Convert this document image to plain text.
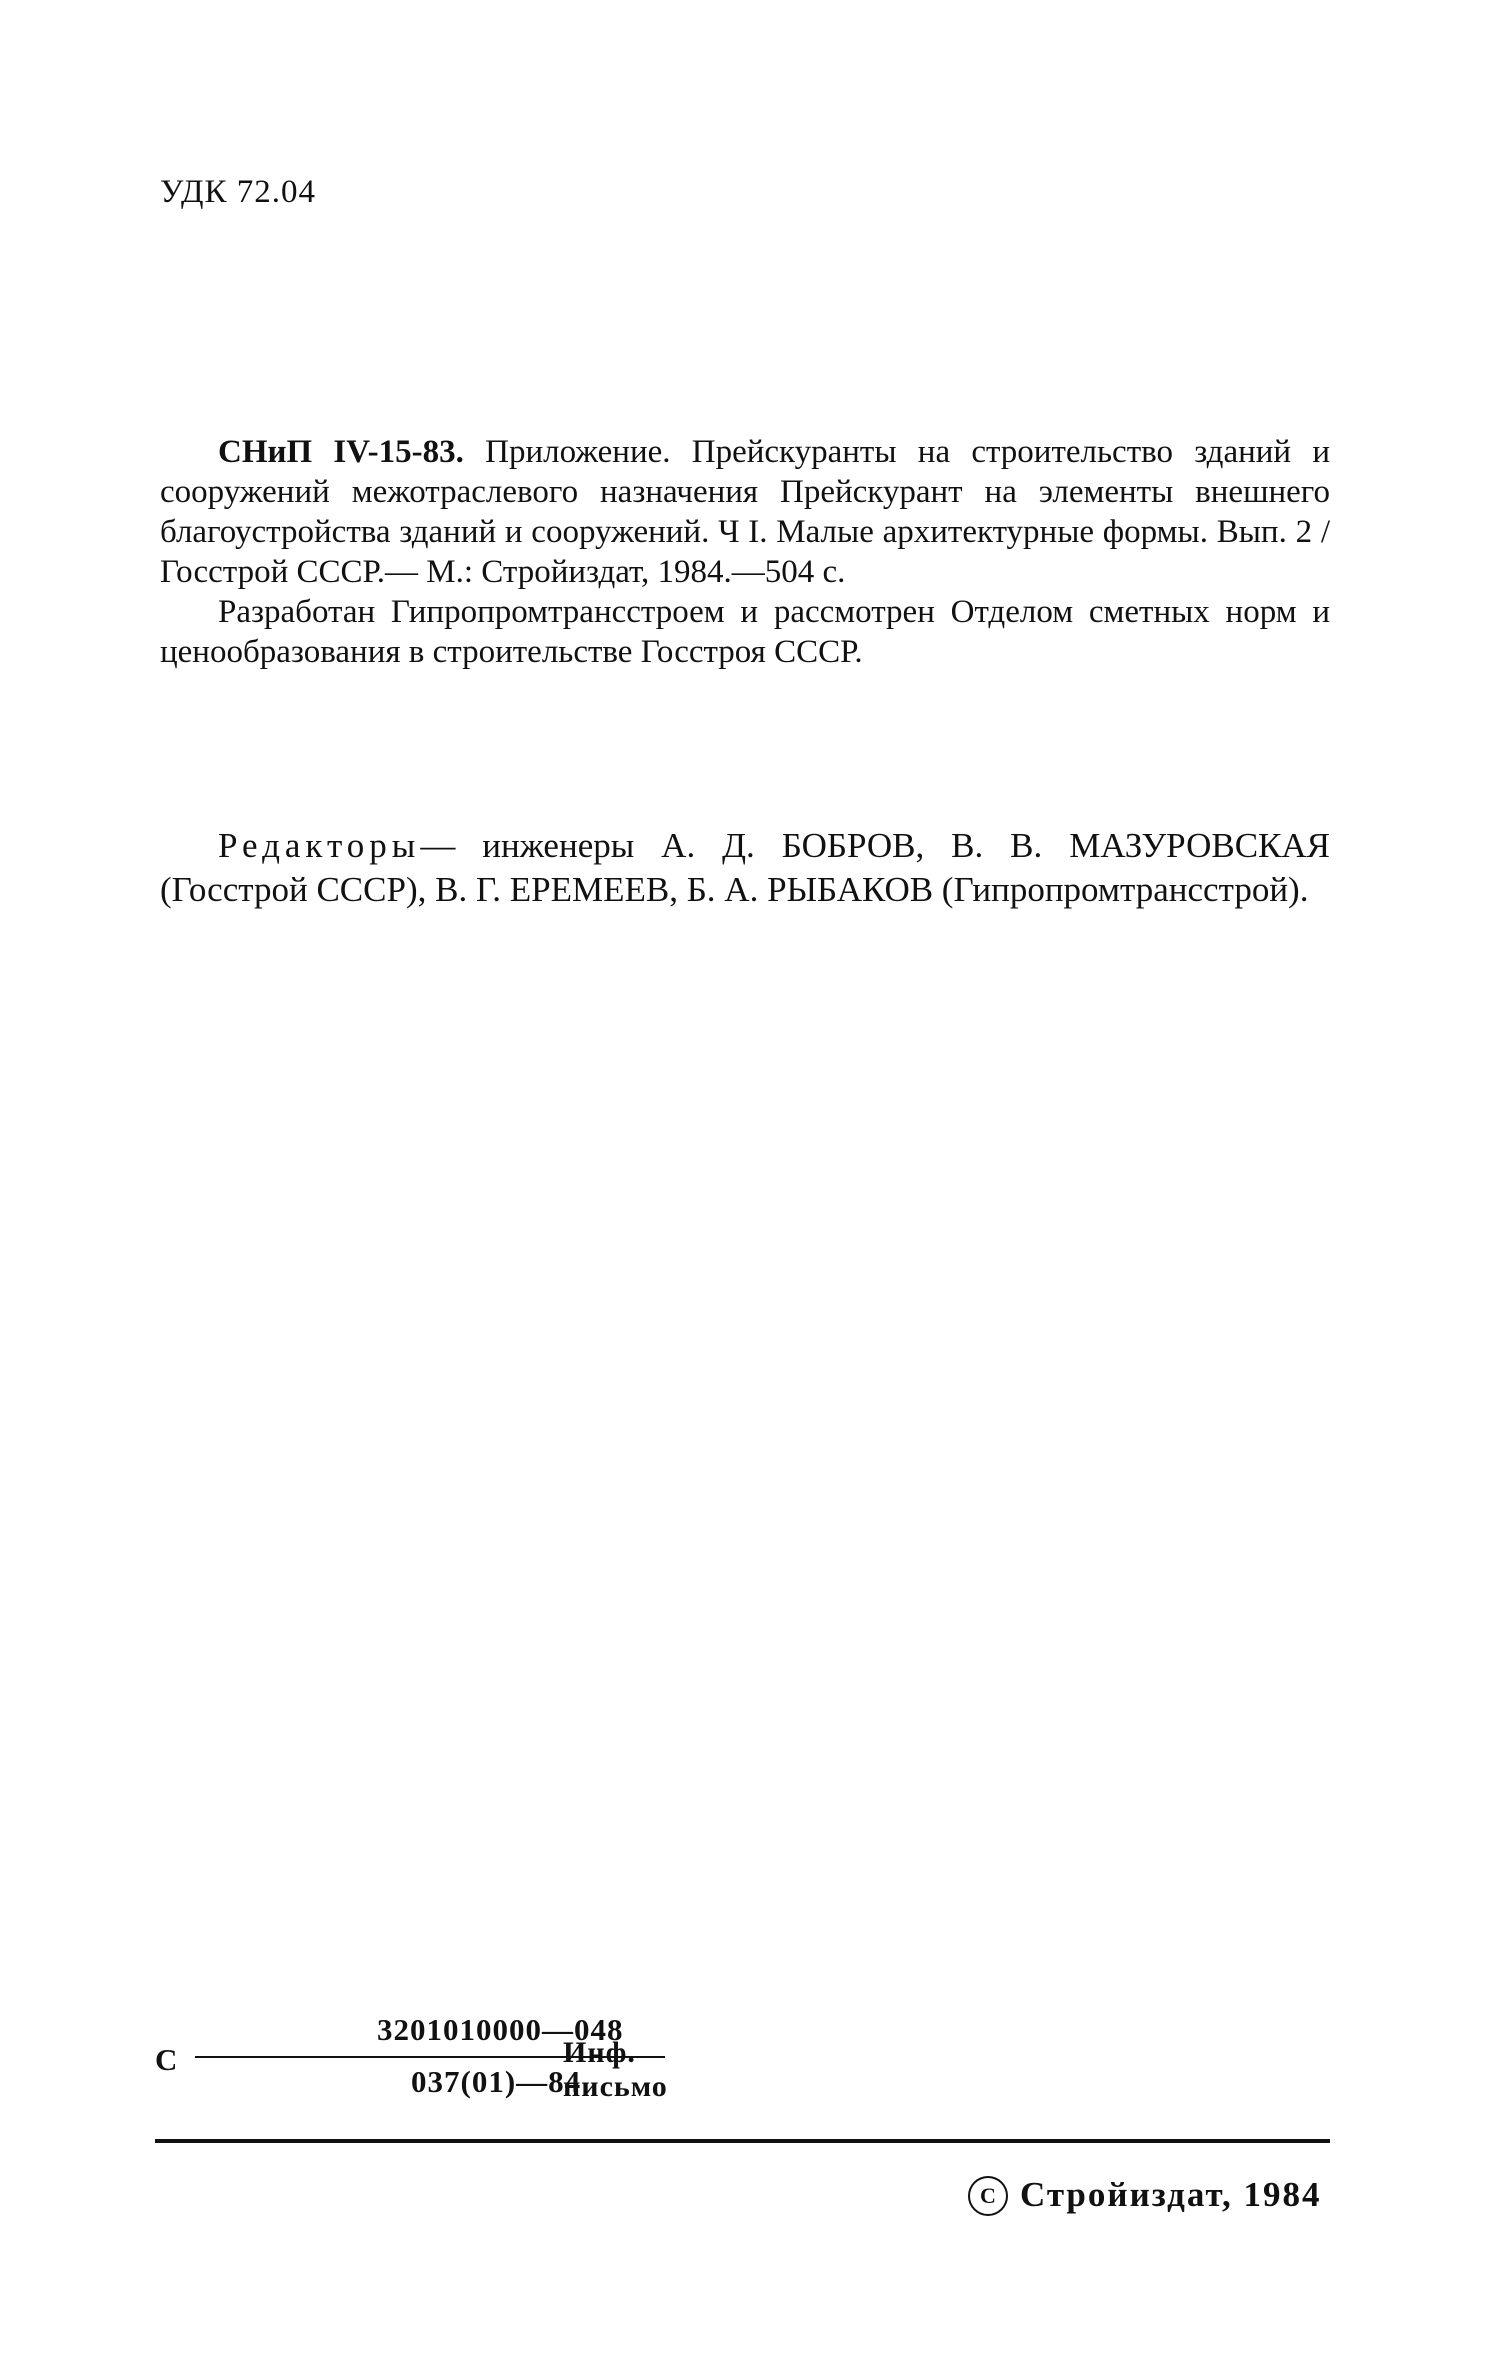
УДК 72.04

СНиП IV-15-83. Приложение. Прейскуранты на строительство зданий и сооружений межотраслевого назначения Прейскурант на элементы внешнего благоустройства зданий и сооружений. Ч I. Малые архитектурные формы. Вып. 2 / Госстрой СССР.— М.: Стройиздат, 1984.—504 с.

Разработан Гипропромтрансстроем и рассмотрен Отделом сметных норм и ценообразования в строительстве Госстроя СССР.

Редакторы— инженеры А. Д. БОБРОВ, В. В. МАЗУРОВСКАЯ (Госстрой СССР), В. Г. ЕРЕМЕЕВ, Б. А. РЫБАКОВ (Гипропромтрансстрой).
С
3201010000—048
037(01)—84
Инф. письмо
C Стройиздат, 1984
